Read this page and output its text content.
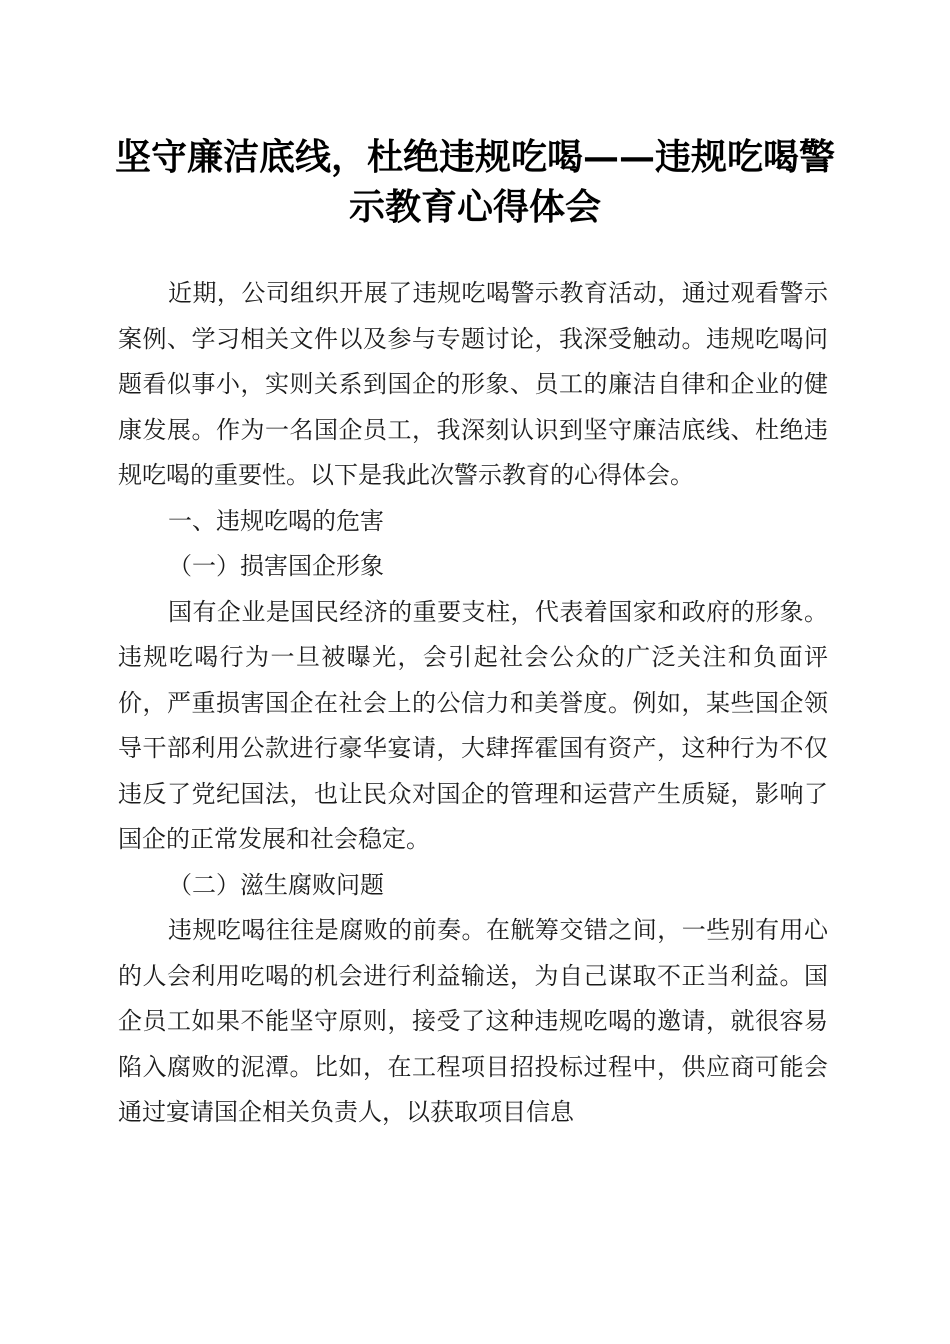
坚守廉洁底线，杜绝违规吃喝——违规吃喝警
示教育心得体会

近期，公司组织开展了违规吃喝警示教育活动，通过观看警示案例、学习相关文件以及参与专题讨论，我深受触动。违规吃喝问题看似事小，实则关系到国企的形象、员工的廉洁自律和企业的健康发展。作为一名国企员工，我深刻认识到坚守廉洁底线、杜绝违规吃喝的重要性。以下是我此次警示教育的心得体会。

一、违规吃喝的危害

（一）损害国企形象

国有企业是国民经济的重要支柱，代表着国家和政府的形象。违规吃喝行为一旦被曝光，会引起社会公众的广泛关注和负面评价，严重损害国企在社会上的公信力和美誉度。例如，某些国企领导干部利用公款进行豪华宴请，大肆挥霍国有资产，这种行为不仅违反了党纪国法，也让民众对国企的管理和运营产生质疑，影响了国企的正常发展和社会稳定。

（二）滋生腐败问题

违规吃喝往往是腐败的前奏。在觥筹交错之间，一些别有用心的人会利用吃喝的机会进行利益输送，为自己谋取不正当利益。国企员工如果不能坚守原则，接受了这种违规吃喝的邀请，就很容易陷入腐败的泥潭。比如，在工程项目招投标过程中，供应商可能会通过宴请国企相关负责人，以获取项目信息
